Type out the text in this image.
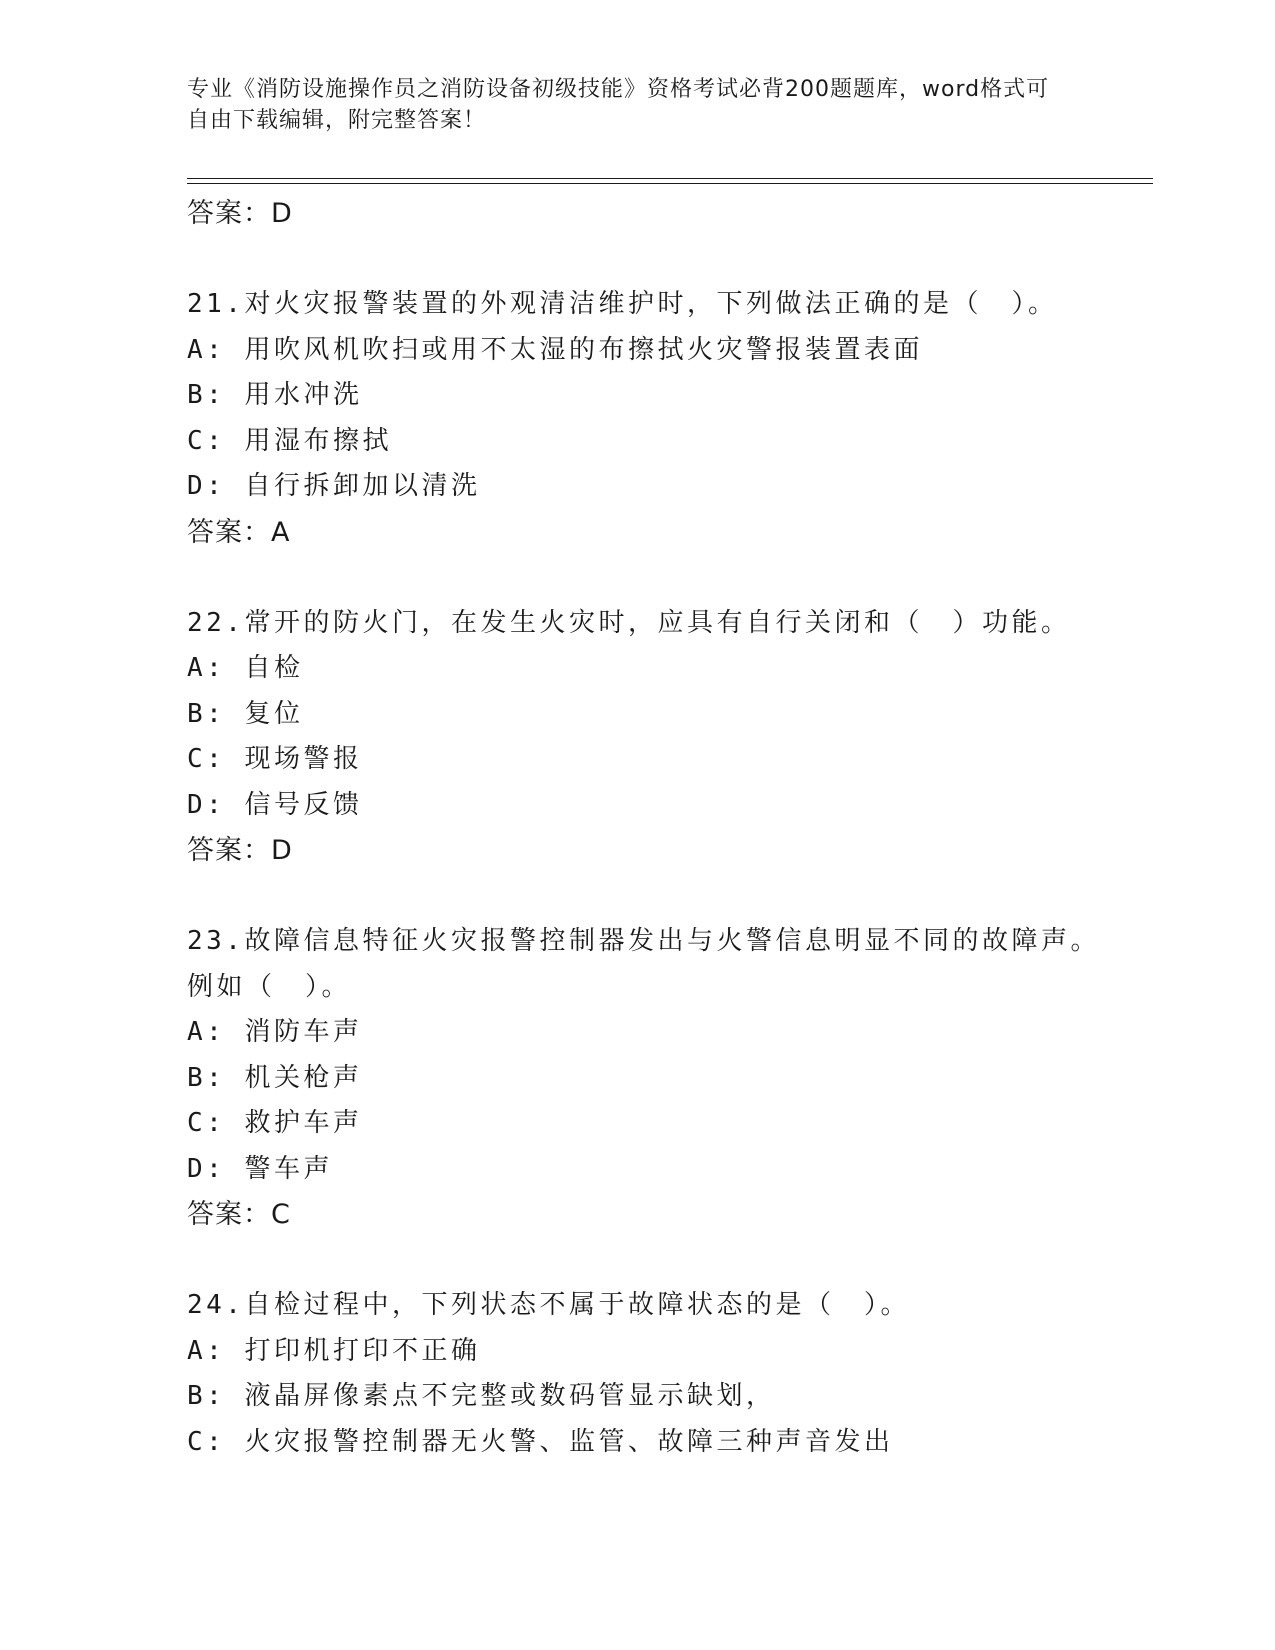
专业《消防设施操作员之消防设备初级技能》资格考试必背200题题库，word格式可自由下载编辑，附完整答案！
答案：D
21.对火灾报警装置的外观清洁维护时，下列做法正确的是（　）。
A: 用吹风机吹扫或用不太湿的布擦拭火灾警报装置表面
B: 用水冲洗
C: 用湿布擦拭
D: 自行拆卸加以清洗
答案：A
22.常开的防火门，在发生火灾时，应具有自行关闭和（　）功能。
A: 自检
B: 复位
C: 现场警报
D: 信号反馈
答案：D
23.故障信息特征火灾报警控制器发出与火警信息明显不同的故障声。
例如（　）。
A: 消防车声
B: 机关枪声
C: 救护车声
D: 警车声
答案：C
24.自检过程中，下列状态不属于故障状态的是（　）。
A: 打印机打印不正确
B: 液晶屏像素点不完整或数码管显示缺划，
C: 火灾报警控制器无火警、监管、故障三种声音发出
